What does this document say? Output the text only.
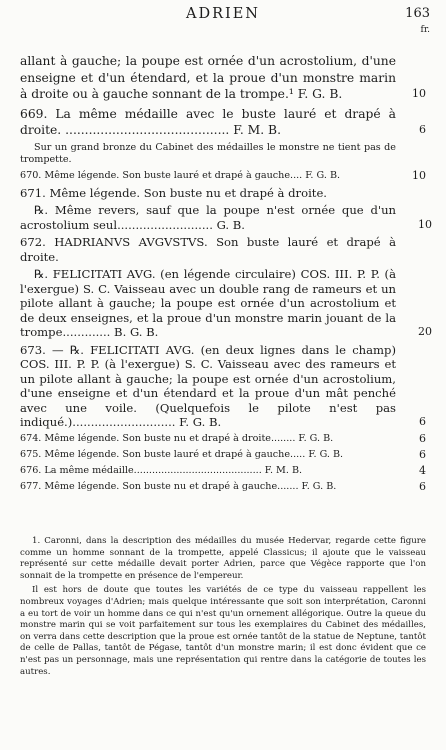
ADRIEN	163
fr.
allant à gauche; la poupe est ornée d'un acrostolium, d'une enseigne et d'un étendard, et la proue d'un monstre marin à droite ou à gauche sonnant de la trompe.¹ F. G. B.	10
669. La même médaille avec le buste lauré et drapé à droite. .......................................... F. M. B.	6
Sur un grand bronze du Cabinet des médailles le monstre ne tient pas de trompette.
670. Même légende. Son buste lauré et drapé à gauche.... F. G. B.	10
671. Même légende. Son buste nu et drapé à droite.
℞. Même revers, sauf que la poupe n'est ornée que d'un acrostolium seul.......................... G. B.	10
672. HADRIANVS AVGVSTVS. Son buste lauré et drapé à droite.
℞. FELICITATI AVG. (en légende circulaire) COS. III. P. P. (à l'exergue) S. C. Vaisseau avec un double rang de rameurs et un pilote allant à gauche; la poupe est ornée d'un acrostolium et de deux enseignes, et la proue d'un monstre marin jouant de la trompe............. B. G. B.	20
673. — ℞. FELICITATI AVG. (en deux lignes dans le champ) COS. III. P. P. (à l'exergue) S. C. Vaisseau avec des rameurs et un pilote allant à gauche; la poupe est ornée d'un acrostolium, d'une enseigne et d'un étendard et la proue d'un mât penché avec une voile. (Quelquefois le pilote n'est pas indiqué.)............................ F. G. B.	6
674. Même légende. Son buste nu et drapé à droite........ F. G. B.	6
675. Même légende. Son buste lauré et drapé à gauche..... F. G. B.	6
676. La même médaille.......................................... F. M. B.	4
677. Même légende. Son buste nu et drapé à gauche....... F. G. B.	6

1. Caronni, dans la description des médailles du musée Hedervar, regarde cette figure comme un homme sonnant de la trompette, appelé Classicus; il ajoute que le vaisseau représenté sur cette médaille devait porter Adrien, parce que Végèce rapporte que l'on sonnait de la trompette en présence de l'empereur.

Il est hors de doute que toutes les variétés de ce type du vaisseau rappellent les nombreux voyages d'Adrien; mais quelque intéressante que soit son interprétation, Caronni a eu tort de voir un homme dans ce qui n'est qu'un ornement allégorique. Outre la queue du monstre marin qui se voit parfaitement sur tous les exemplaires du Cabinet des médailles, on verra dans cette description que la proue est ornée tantôt de la statue de Neptune, tantôt de celle de Pallas, tantôt de Pégase, tantôt d'un monstre marin; il est donc évident que ce n'est pas un personnage, mais une représentation qui rentre dans la catégorie de toutes les autres.
